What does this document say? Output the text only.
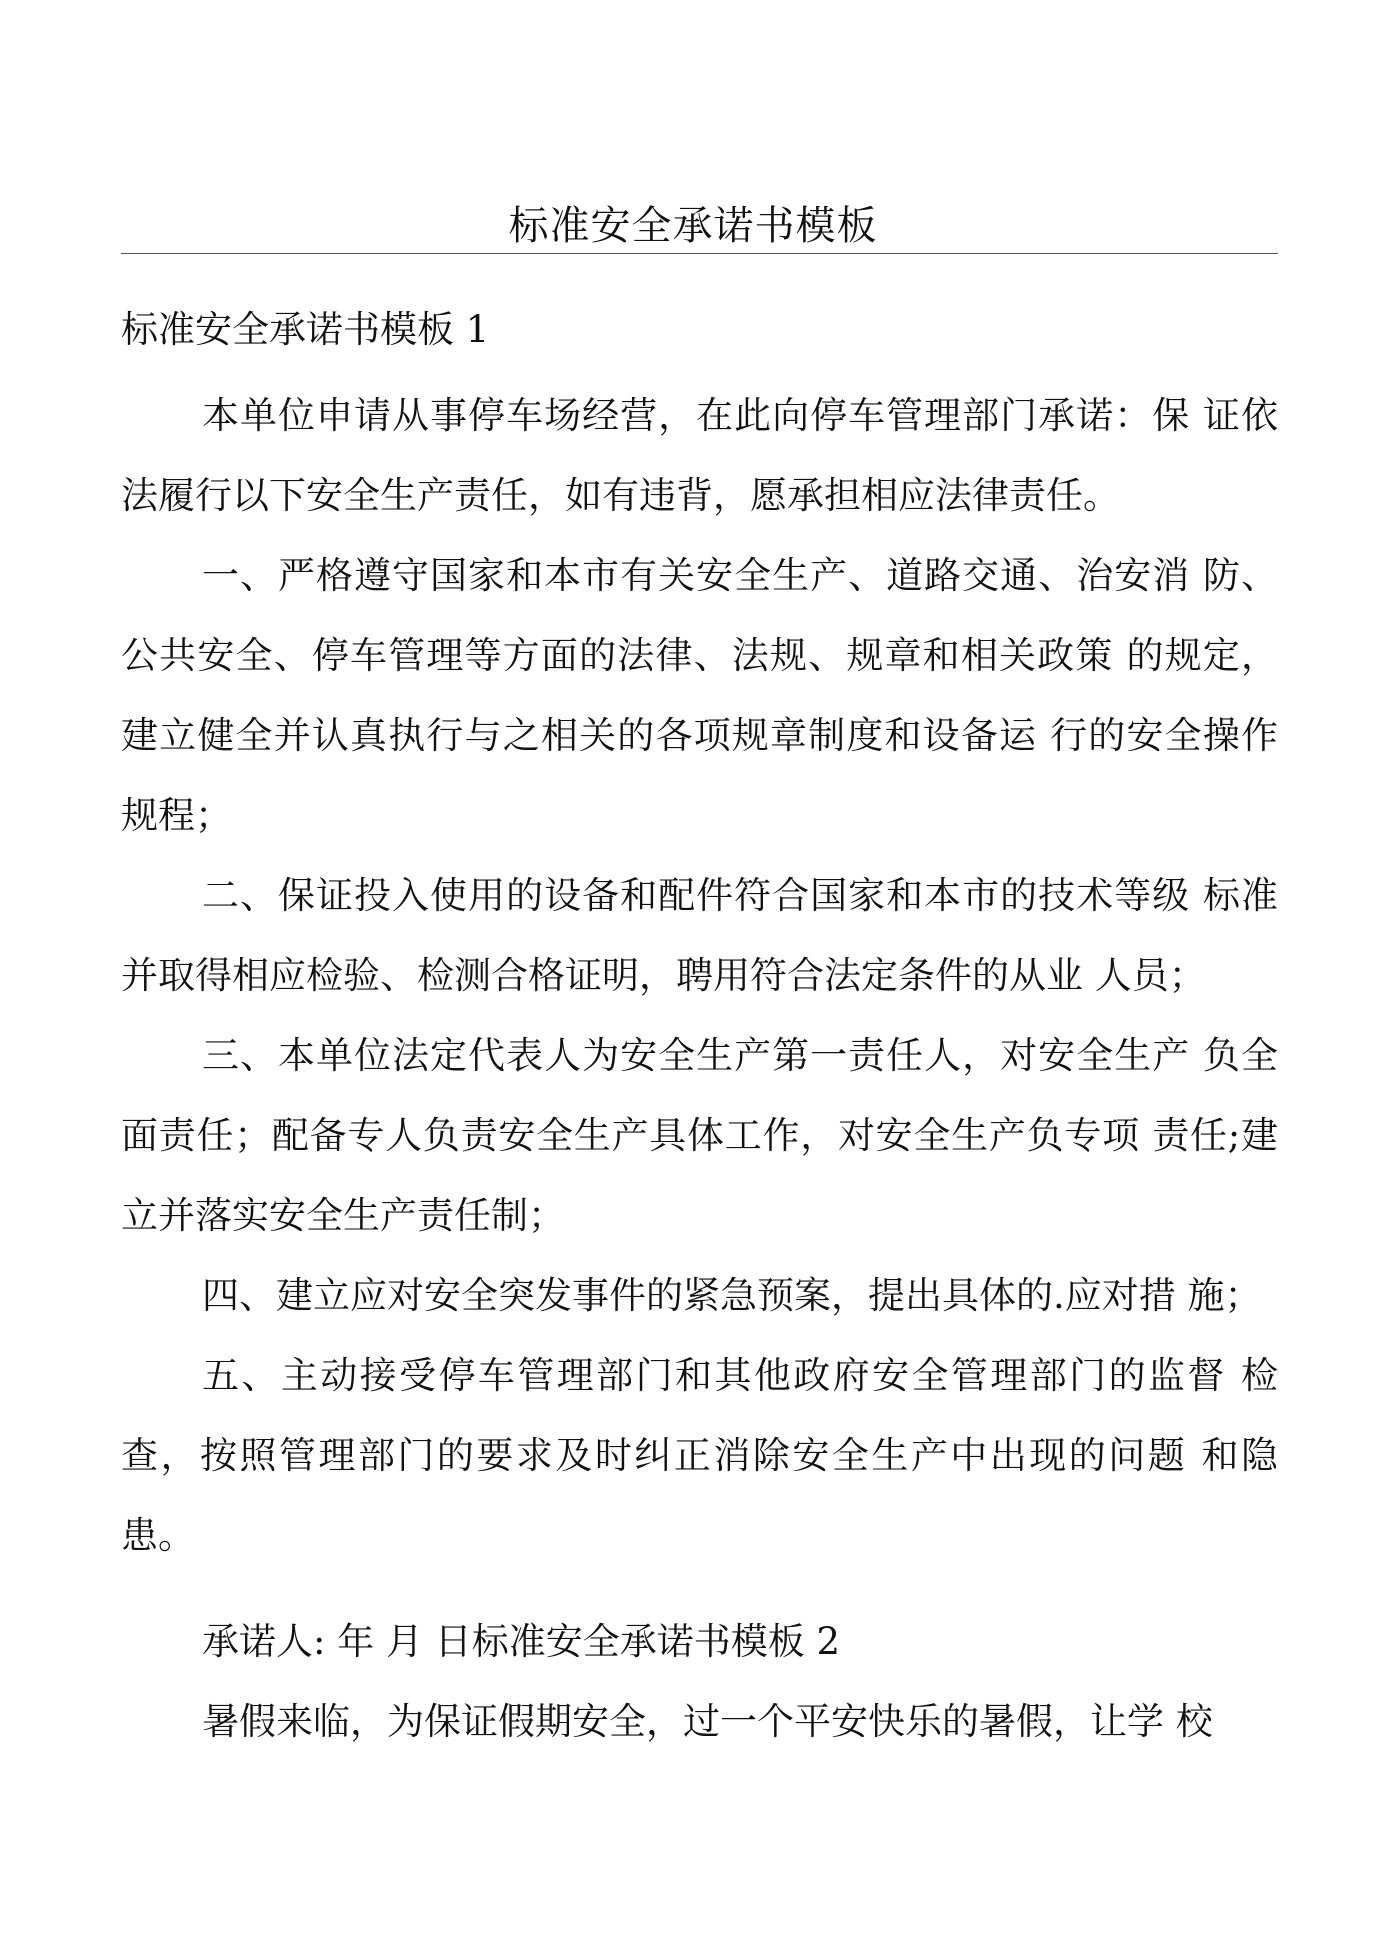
标准安全承诺书模板

标准安全承诺书模板 1

本单位申请从事停车场经营，在此向停车管理部门承诺：保 证依法履行以下安全生产责任，如有违背，愿承担相应法律责任。

一、严格遵守国家和本市有关安全生产、道路交通、治安消 防、公共安全、停车管理等方面的法律、法规、规章和相关政策 的规定，建立健全并认真执行与之相关的各项规章制度和设备运 行的安全操作规程；

二、保证投入使用的设备和配件符合国家和本市的技术等级 标准并取得相应检验、检测合格证明，聘用符合法定条件的从业 人员；

三、本单位法定代表人为安全生产第一责任人，对安全生产 负全面责任；配备专人负责安全生产具体工作，对安全生产负专项 责任;建立并落实安全生产责任制；

四、建立应对安全突发事件的紧急预案，提出具体的.应对措 施；

五、主动接受停车管理部门和其他政府安全管理部门的监督 检查，按照管理部门的要求及时纠正消除安全生产中出现的问题 和隐患。

承诺人: 年 月 日标准安全承诺书模板 2

暑假来临，为保证假期安全，过一个平安快乐的暑假，让学 校
